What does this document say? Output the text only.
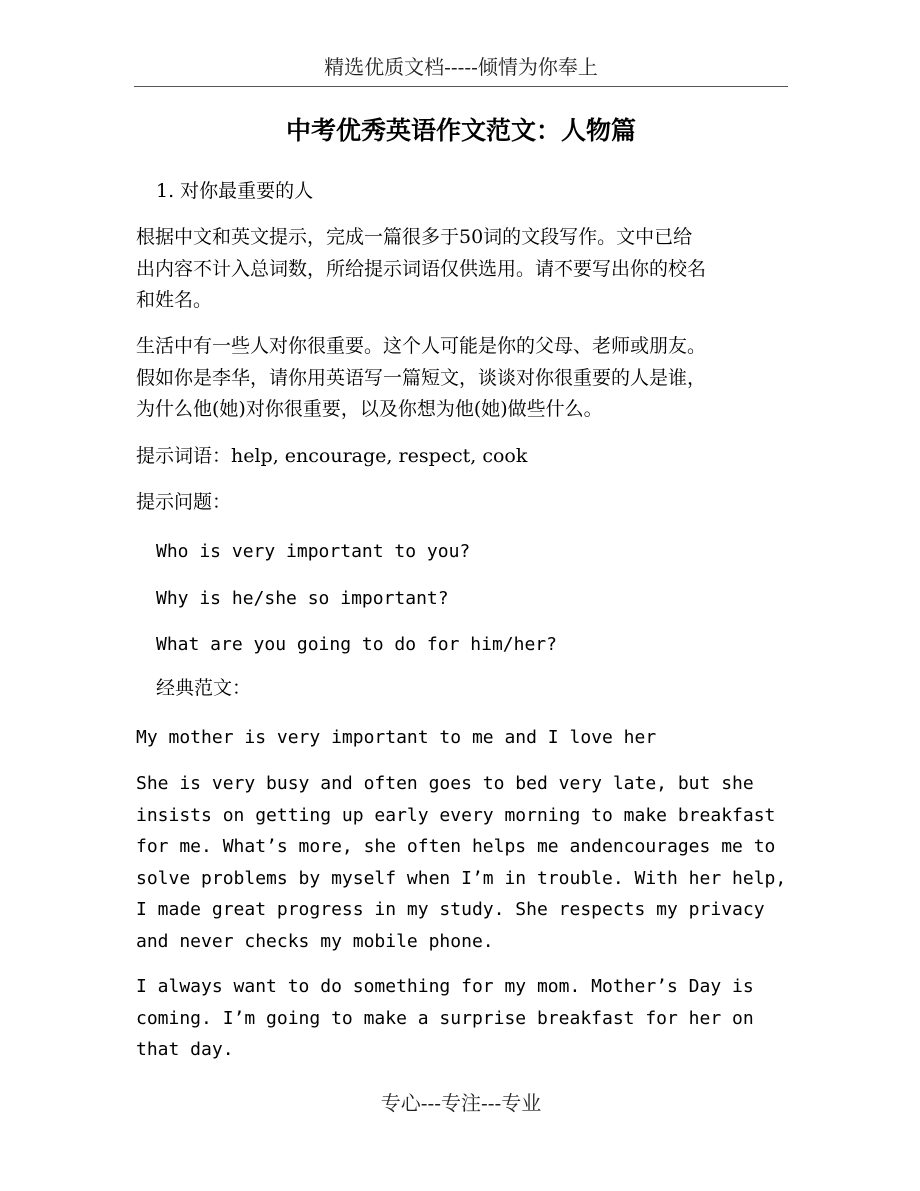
精选优质文档-----倾情为你奉上
中考优秀英语作文范文：人物篇
1. 对你最重要的人
根据中文和英文提示，完成一篇很多于50词的文段写作。文中已给
出内容不计入总词数，所给提示词语仅供选用。请不要写出你的校名
和姓名。
生活中有一些人对你很重要。这个人可能是你的父母、老师或朋友。
假如你是李华，请你用英语写一篇短文，谈谈对你很重要的人是谁，
为什么他(她)对你很重要，以及你想为他(她)做些什么。
提示词语：help, encourage, respect, cook
提示问题：
Who is very important to you?
Why is he/she so important?
What are you going to do for him/her?
经典范文：
My mother is very important to me and I love her
She is very busy and often goes to bed very late, but she
insists on getting up early every morning to make breakfast
for me. What’s more, she often helps me andencourages me to
solve problems by myself when I’m in trouble. With her help,
I made great progress in my study. She respects my privacy
and never checks my mobile phone.
I always want to do something for my mom. Mother’s Day is
coming. I’m going to make a surprise breakfast for her on
that day.
专心---专注---专业
